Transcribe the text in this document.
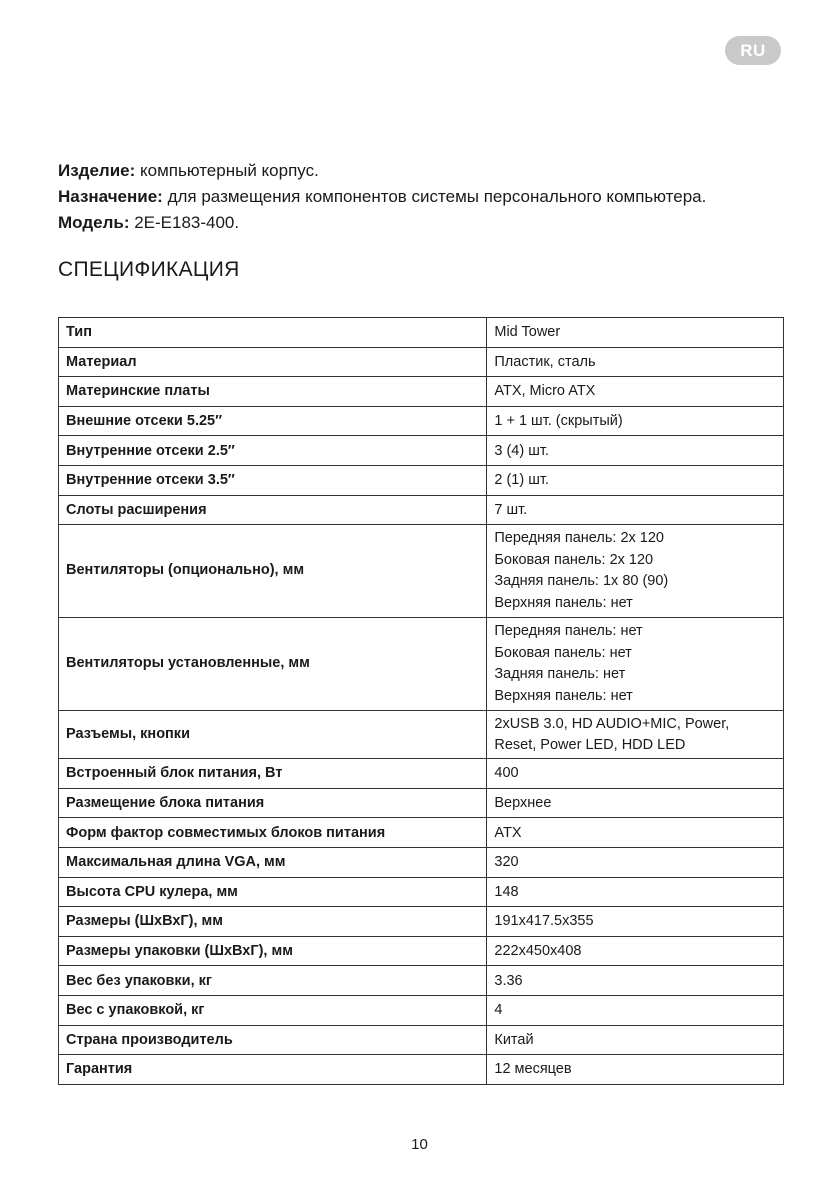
RU
Изделие: компьютерный корпус.
Назначение: для размещения компонентов системы персонального компьютера.
Модель: 2E-E183-400.
СПЕЦИФИКАЦИЯ
Тип	Mid Tower

Материал	Пластик, сталь

Материнские платы	ATX, Micro ATX

Внешние отсеки 5.25″	1 + 1 шт. (скрытый)

Внутренние отсеки 2.5″	3 (4) шт.

Внутренние отсеки 3.5″	2 (1) шт.

Слоты расширения	7 шт.

Вентиляторы (опционально), мм	Передняя панель: 2x 120
Боковая панель: 2x 120
Задняя панель: 1x 80 (90)
Верхняя панель: нет

Вентиляторы установленные, мм	Передняя панель: нет
Боковая панель: нет
Задняя панель: нет
Верхняя панель: нет

Разъемы, кнопки	2xUSB 3.0, HD AUDIO+MIC, Power,
Reset, Power LED, HDD LED

Встроенный блок питания, Вт	400

Размещение блока питания	Верхнее

Форм фактор совместимых блоков питания	ATX

Максимальная длина VGA, мм	320

Высота CPU кулера, мм	148

Размеры (ШхВхГ), мм	191x417.5x355

Размеры упаковки (ШхВхГ), мм	222x450x408

Вес без упаковки, кг	3.36

Вес с упаковкой, кг	4

Страна производитель	Китай

Гарантия	12 месяцев
10
